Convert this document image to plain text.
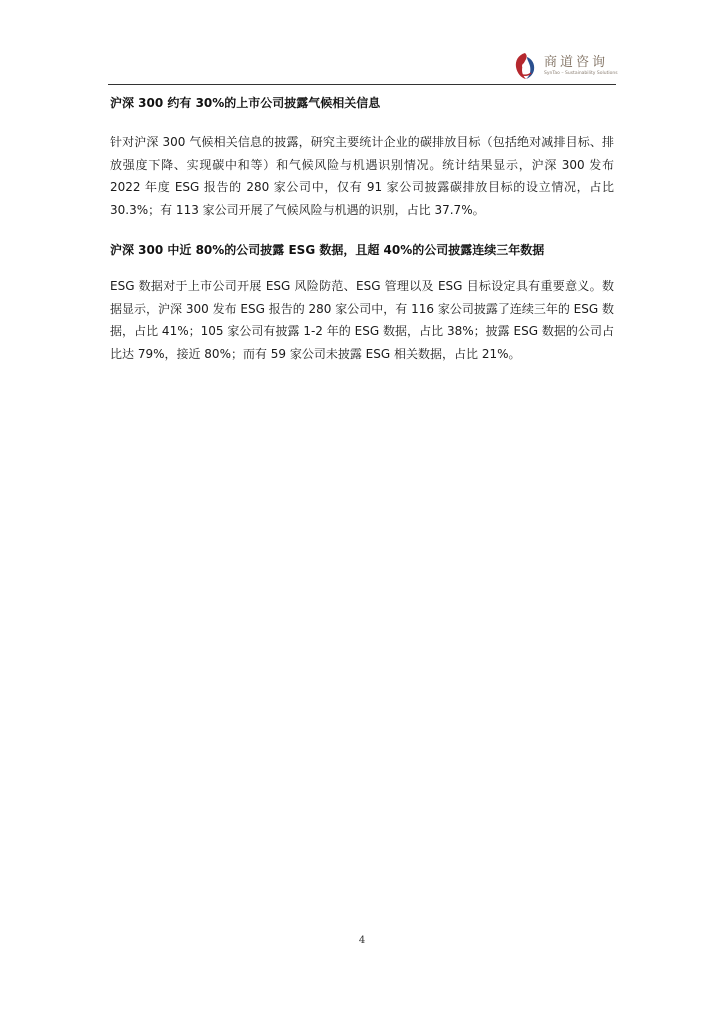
商道咨询
SynTao – Sustainability Solutions

沪深 300 约有 30%的上市公司披露气候相关信息

针对沪深 300 气候相关信息的披露，研究主要统计企业的碳排放目标（包括绝对减排目标、排放强度下降、实现碳中和等）和气候风险与机遇识别情况。统计结果显示，沪深 300 发布 2022 年度 ESG 报告的 280 家公司中，仅有 91 家公司披露碳排放目标的设立情况，占比 30.3%；有 113 家公司开展了气候风险与机遇的识别，占比 37.7%。

沪深 300 中近 80%的公司披露 ESG 数据，且超 40%的公司披露连续三年数据

ESG 数据对于上市公司开展 ESG 风险防范、ESG 管理以及 ESG 目标设定具有重要意义。数据显示，沪深 300 发布 ESG 报告的 280 家公司中，有 116 家公司披露了连续三年的 ESG 数据，占比 41%；105 家公司有披露 1-2 年的 ESG 数据，占比 38%；披露 ESG 数据的公司占比达 79%，接近 80%；而有 59 家公司未披露 ESG 相关数据，占比 21%。

4
